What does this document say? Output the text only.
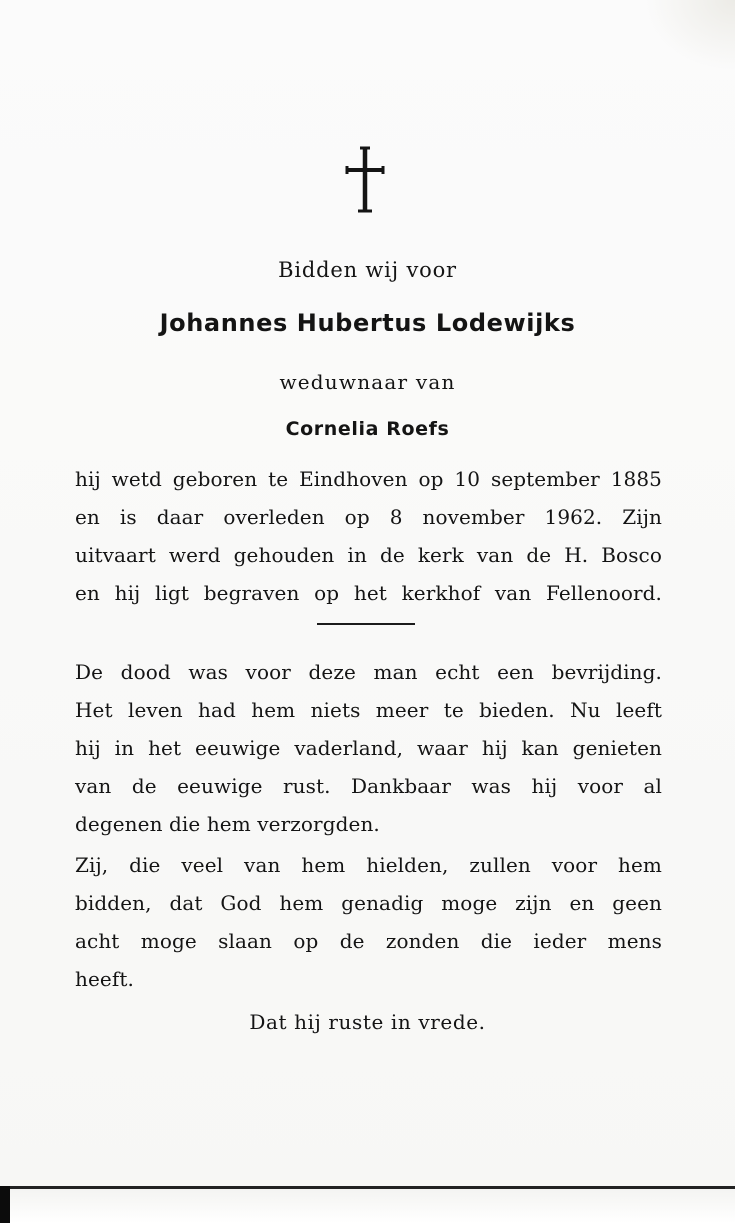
Bidden wij voor
Johannes Hubertus Lodewijks
weduwnaar van
Cornelia Roefs
hij wetd geboren te Eindhoven op 10 september 1885
en is daar overleden op 8 november 1962. Zijn
uitvaart werd gehouden in de kerk van de H. Bosco
en hij ligt begraven op het kerkhof van Fellenoord.
De dood was voor deze man echt een bevrijding.
Het leven had hem niets meer te bieden. Nu leeft
hij in het eeuwige vaderland, waar hij kan genieten
van de eeuwige rust. Dankbaar was hij voor al
degenen die hem verzorgden.
Zij, die veel van hem hielden, zullen voor hem
bidden, dat God hem genadig moge zijn en geen
acht moge slaan op de zonden die ieder mens
heeft.
Dat hij ruste in vrede.
